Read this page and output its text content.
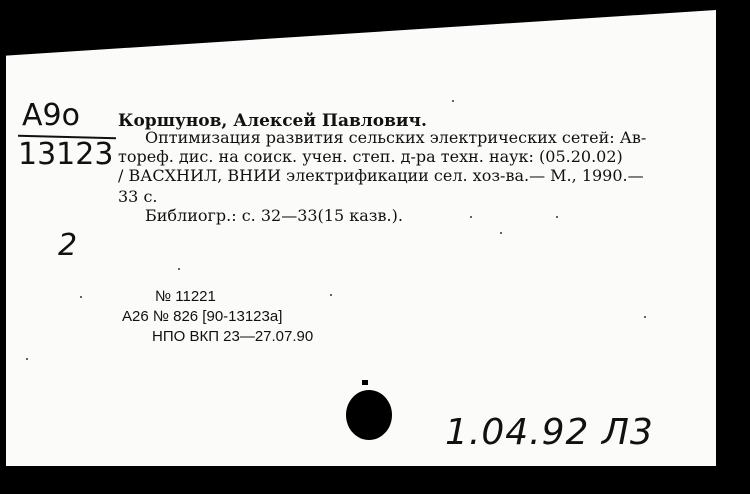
А9о
13123
Коршунов, Алексей Павлович.
Оптимизация развития сельских электрических сетей: Ав-
тореф. дис. на соиск. учен. степ. д-ра техн. наук: (05.20.02)
/ ВАСХНИЛ, ВНИИ электрификации сел. хоз-ва.— М., 1990.—
33 с.
Библиогр.: с. 32—33(15 казв.).
2
№ 11221
А26 № 826 [90-13123а]
НПО ВКП 23—27.07.90
1.04.92 Л3
